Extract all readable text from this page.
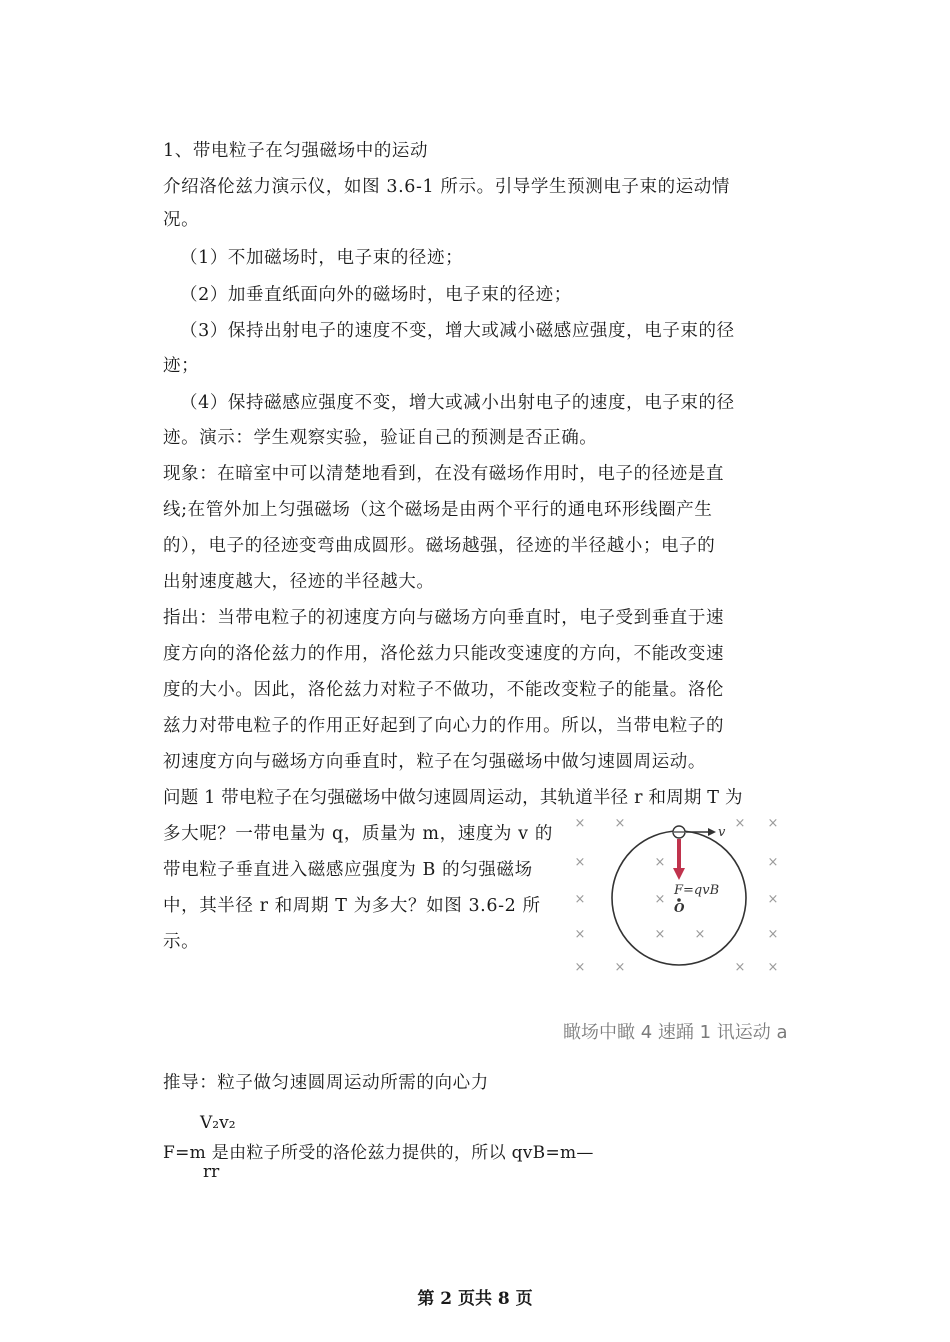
1、带电粒子在匀强磁场中的运动
介绍洛伦兹力演示仪，如图 3.6-1 所示。引导学生预测电子束的运动情
况。
（1）不加磁场时，电子束的径迹；
（2）加垂直纸面向外的磁场时，电子束的径迹；
（3）保持出射电子的速度不变，增大或减小磁感应强度，电子束的径
迹；
（4）保持磁感应强度不变，增大或减小出射电子的速度，电子束的径
迹。演示：学生观察实验，验证自己的预测是否正确。
现象：在暗室中可以清楚地看到，在没有磁场作用时，电子的径迹是直
线;在管外加上匀强磁场（这个磁场是由两个平行的通电环形线圈产生
的），电子的径迹变弯曲成圆形。磁场越强，径迹的半径越小；电子的
出射速度越大，径迹的半径越大。
指出：当带电粒子的初速度方向与磁场方向垂直时，电子受到垂直于速
度方向的洛伦兹力的作用，洛伦兹力只能改变速度的方向，不能改变速
度的大小。因此，洛伦兹力对粒子不做功，不能改变粒子的能量。洛伦
兹力对带电粒子的作用正好起到了向心力的作用。所以，当带电粒子的
初速度方向与磁场方向垂直时，粒子在匀强磁场中做匀速圆周运动。
问题 1 带电粒子在匀强磁场中做匀速圆周运动，其轨道半径 r 和周期 T 为
多大呢？一带电量为 q，质量为 m，速度为 v 的
带电粒子垂直进入磁感应强度为 B 的匀强磁场
中，其半径 r 和周期 T 为多大？如图 3.6-2 所
示。
× ×	× ×
×	×	×
×	×	×
×	× ×	×
× ×	× ×
v
F=qvB
O
瞰场中瞰 4 速踊 1 讯运动 a
推导：粒子做匀速圆周运动所需的向心力
V₂v₂
F=m 是由粒子所受的洛伦兹力提供的，所以 qvB=m—
rr
第 2 页共 8 页
